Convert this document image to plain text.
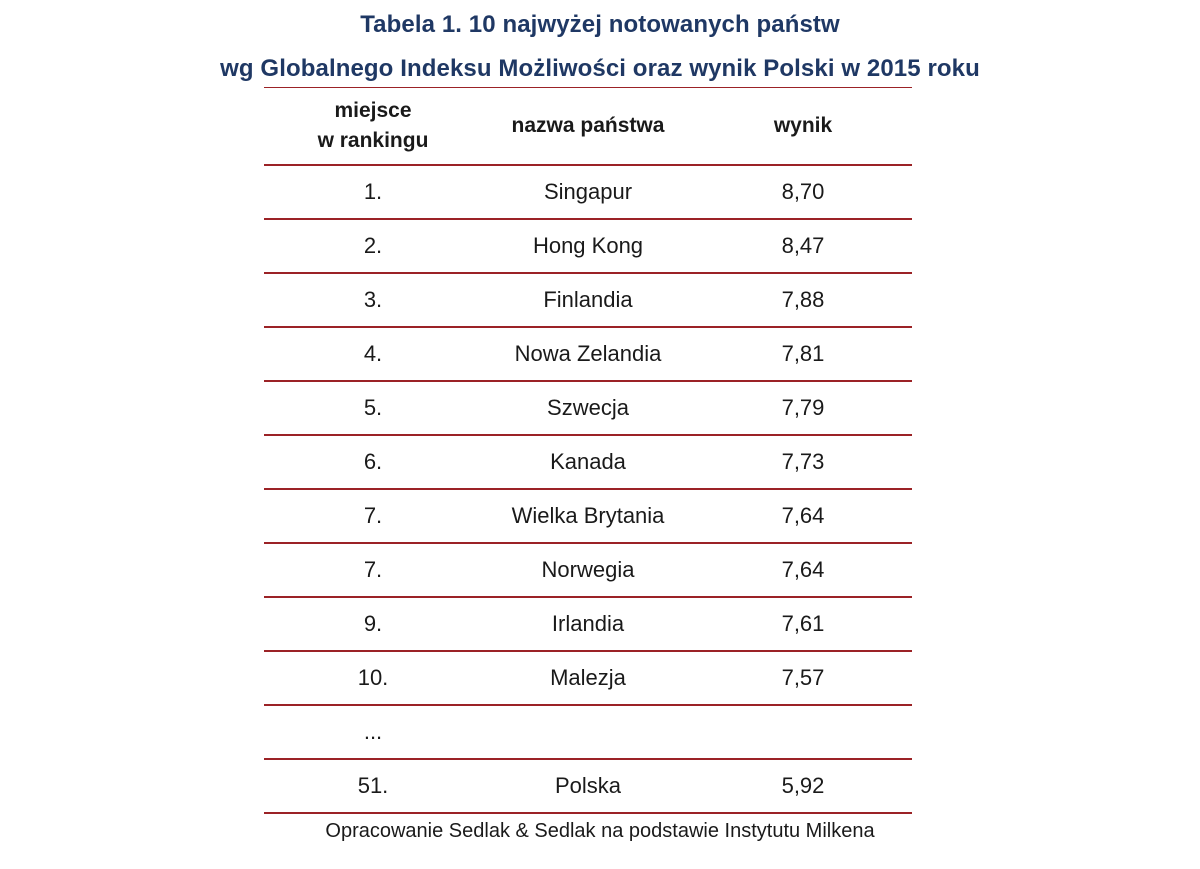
Tabela 1. 10 najwyżej notowanych państw
wg Globalnego Indeksu Możliwości oraz wynik Polski w 2015 roku
miejsce
w rankingu
nazwa państwa	wynik
1.	Singapur	8,70
2.	Hong Kong	8,47
3.	Finlandia	7,88
4.	Nowa Zelandia	7,81
5.	Szwecja	7,79
6.	Kanada	7,73
7.	Wielka Brytania	7,64
7.	Norwegia	7,64
9.	Irlandia	7,61
10.	Malezja	7,57
...
51.	Polska	5,92
Opracowanie Sedlak & Sedlak na podstawie Instytutu Milkena
